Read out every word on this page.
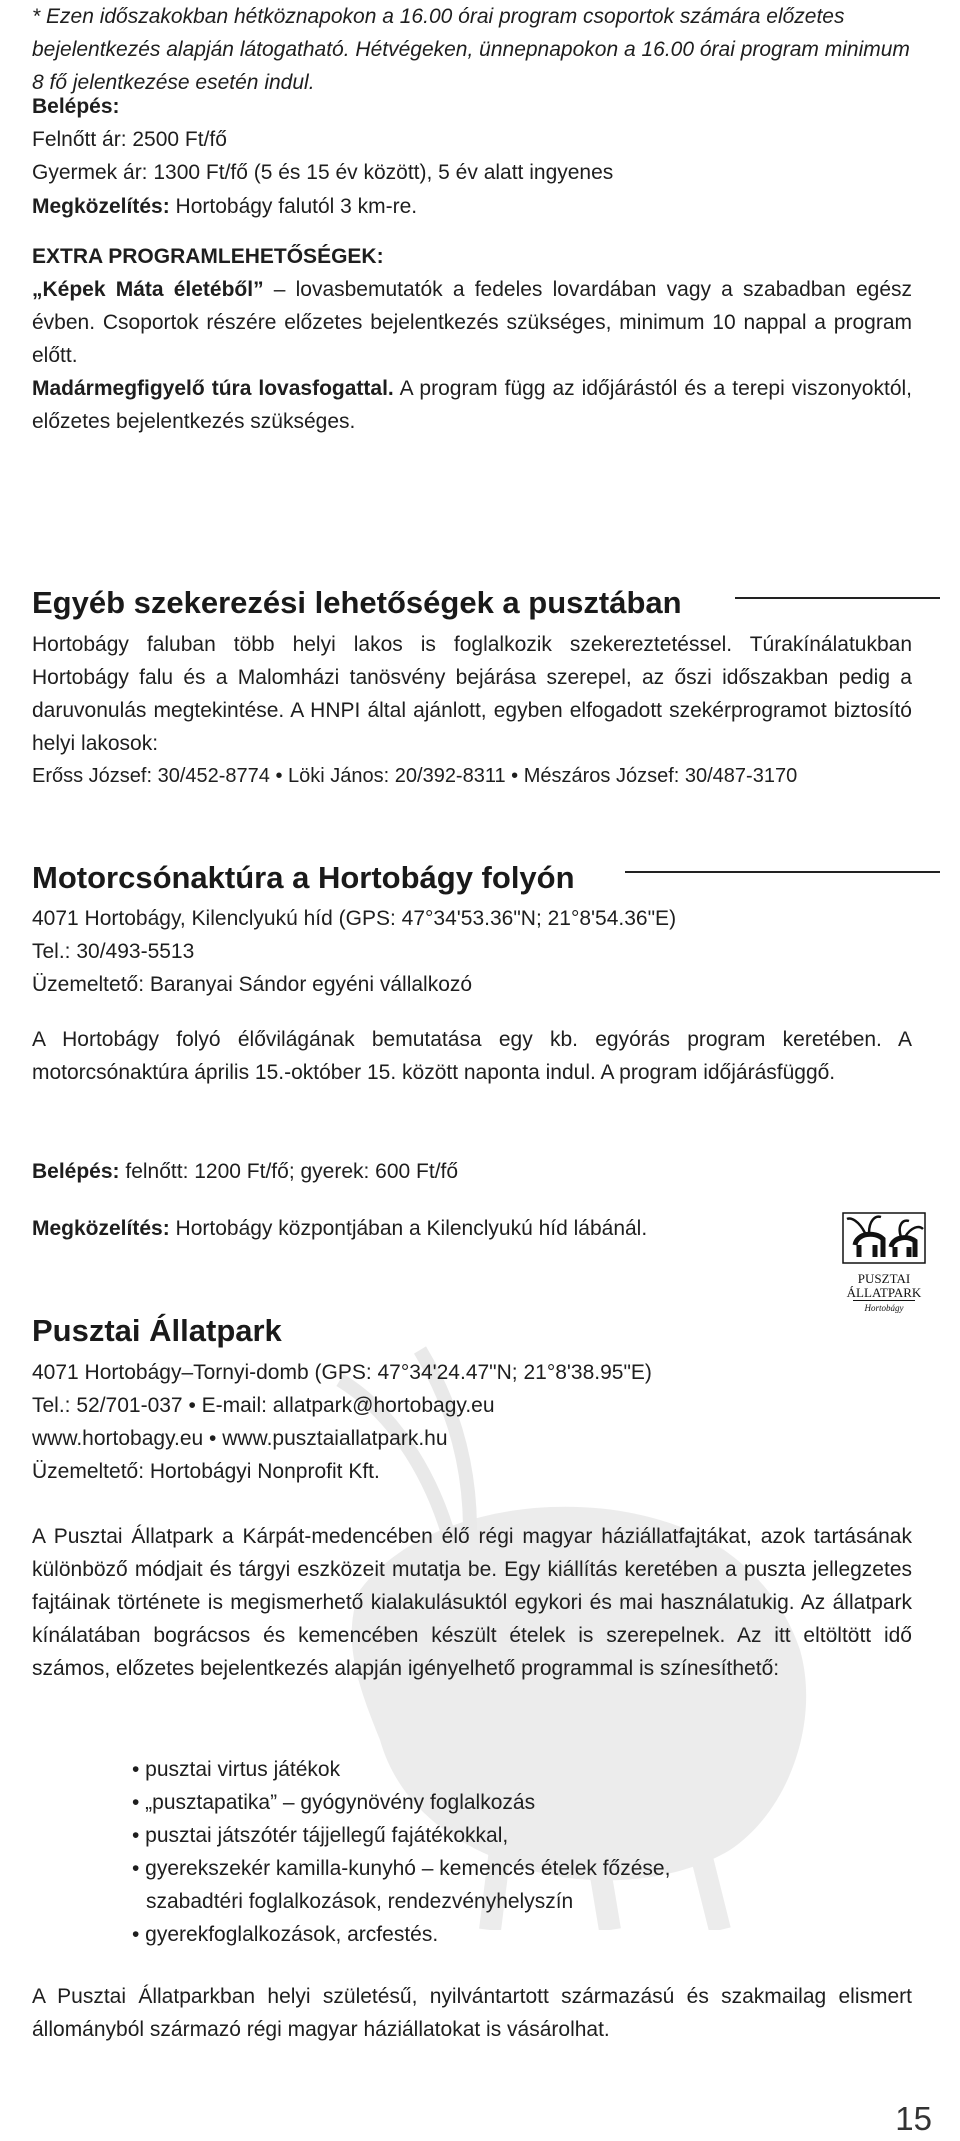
* Ezen időszakokban hétköznapokon a 16.00 órai program csoportok számára előzetes bejelentkezés alapján látogatható. Hétvégeken, ünnepnapokon a 16.00 órai program minimum 8 fő jelentkezése esetén indul.
Belépés:
Felnőtt ár: 2500 Ft/fő
Gyermek ár: 1300 Ft/fő (5 és 15 év között), 5 év alatt ingyenes
Megközelítés: Hortobágy falutól 3 km-re.
EXTRA PROGRAMLEHETŐSÉGEK:
„Képek Máta életéből” – lovasbemutatók a fedeles lovardában vagy a szabadban egész évben. Csoportok részére előzetes bejelentkezés szükséges, minimum 10 nappal a program előtt.
Madármegfigyelő túra lovasfogattal. A program függ az időjárástól és a terepi viszonyoktól, előzetes bejelentkezés szükséges.
Egyéb szekerezési lehetőségek a pusztában
Hortobágy faluban több helyi lakos is foglalkozik szekereztetéssel. Túrakínálatukban Hortobágy falu és a Malomházi tanösvény bejárása szerepel, az őszi időszakban pedig a daruvonulás megtekintése. A HNPI által ajánlott, egyben elfogadott szekérprogramot biztosító helyi lakosok:
Erőss József: 30/452-8774 • Löki János: 20/392-8311 • Mészáros József: 30/487-3170
Motorcsónaktúra a Hortobágy folyón
4071 Hortobágy, Kilenclyukú híd (GPS: 47°34'53.36"N; 21°8'54.36"E)
Tel.: 30/493-5513
Üzemeltető: Baranyai Sándor egyéni vállalkozó
A Hortobágy folyó élővilágának bemutatása egy kb. egyórás program keretében. A motorcsónaktúra április 15.-október 15. között naponta indul. A program időjárásfüggő.
Belépés: felnőtt: 1200 Ft/fő; gyerek: 600 Ft/fő
Megközelítés: Hortobágy központjában a Kilenclyukú híd lábánál.
PUSZTAI
ÁLLATPARK
Hortobágy
Pusztai Állatpark
4071 Hortobágy–Tornyi-domb (GPS: 47°34'24.47"N; 21°8'38.95"E)
Tel.: 52/701-037 • E-mail: allatpark@hortobagy.eu
www.hortobagy.eu • www.pusztaiallatpark.hu
Üzemeltető: Hortobágyi Nonprofit Kft.
A Pusztai Állatpark a Kárpát-medencében élő régi magyar háziállatfajtákat, azok tartásának különböző módjait és tárgyi eszközeit mutatja be. Egy kiállítás keretében a puszta jellegzetes fajtáinak története is megismerhető kialakulásuktól egykori és mai használatukig. Az állatpark kínálatában bográcsos és kemencében készült ételek is szerepelnek. Az itt eltöltött idő számos, előzetes bejelentkezés alapján igényelhető programmal is színesíthető:
• pusztai virtus játékok
• „pusztapatika” – gyógynövény foglalkozás
• pusztai játszótér tájjellegű fajátékokkal,
• gyerekszekér kamilla-kunyhó – kemencés ételek főzése,
szabadtéri foglalkozások, rendezvényhelyszín
• gyerekfoglalkozások, arcfestés.
A Pusztai Állatparkban helyi születésű, nyilvántartott származású és szakmailag elismert állományból származó régi magyar háziállatokat is vásárolhat.
15
